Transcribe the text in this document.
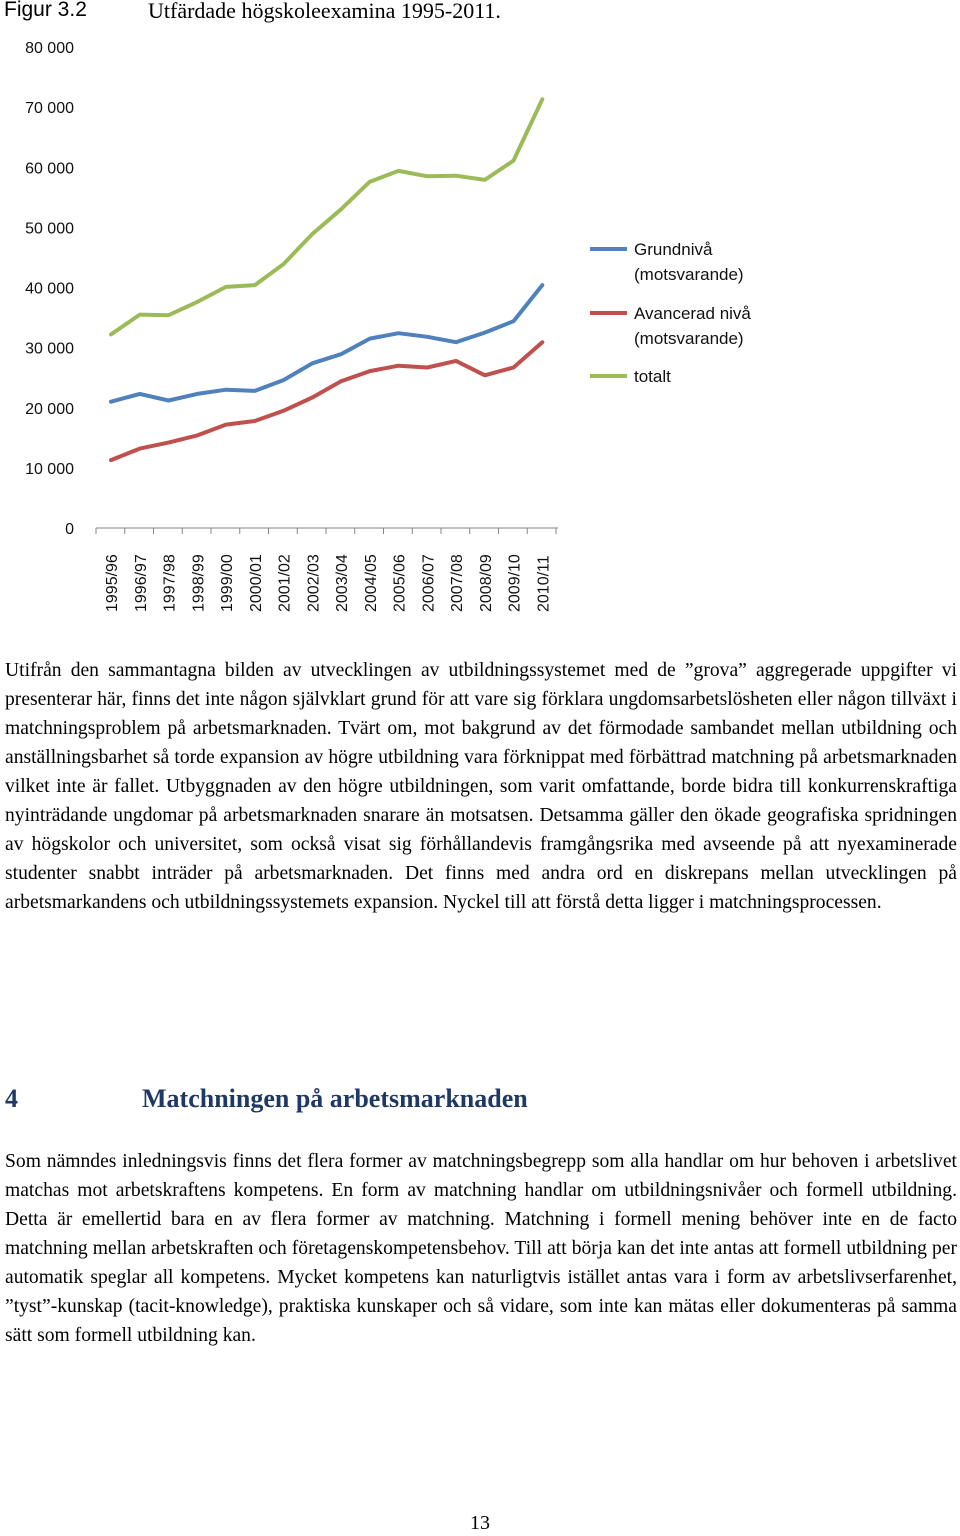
Figur 3.2	Utfärdade högskoleexamina 1995-2011.
0
10 000
20 000
30 000
40 000
50 000
60 000
70 000
80 000
1995/96 1996/97 1997/98 1998/99 1999/00 2000/01 2001/02 2002/03 2003/04 2004/05 2005/06 2006/07 2007/08 2008/09 2009/10 2010/11
Grundnivå (motsvarande)
Avancerad nivå (motsvarande)
totalt

Utifrån den sammantagna bilden av utvecklingen av utbildningssystemet med de ”grova” aggregerade uppgifter vi presenterar här, finns det inte någon självklart grund för att vare sig förklara ungdomsarbetslösheten eller någon tillväxt i matchningsproblem på arbetsmarknaden. Tvärt om, mot bakgrund av det förmodade sambandet mellan utbildning och anställningsbarhet så torde expansion av högre utbildning vara förknippat med förbättrad matchning på arbetsmarknaden vilket inte är fallet. Utbyggnaden av den högre utbildningen, som varit omfattande, borde bidra till konkurrenskraftiga nyinträdande ungdomar på arbetsmarknaden snarare än motsatsen. Detsamma gäller den ökade geografiska spridningen av högskolor och universitet, som också visat sig förhållandevis framgångsrika med avseende på att nyexaminerade studenter snabbt inträder på arbetsmarknaden. Det finns med andra ord en diskrepans mellan utvecklingen på arbetsmarkandens och utbildningssystemets expansion. Nyckel till att förstå detta ligger i matchningsprocessen.

4	Matchningen på arbetsmarknaden

Som nämndes inledningsvis finns det flera former av matchningsbegrepp som alla handlar om hur behoven i arbetslivet matchas mot arbetskraftens kompetens. En form av matchning handlar om utbildningsnivåer och formell utbildning. Detta är emellertid bara en av flera former av matchning. Matchning i formell mening behöver inte en de facto matchning mellan arbetskraften och företagenskompetensbehov. Till att börja kan det inte antas att formell utbildning per automatik speglar all kompetens. Mycket kompetens kan naturligtvis istället antas vara i form av arbetslivserfarenhet, ”tyst”-kunskap (tacit-knowledge), praktiska kunskaper och så vidare, som inte kan mätas eller dokumenteras på samma sätt som formell utbildning kan.

13
